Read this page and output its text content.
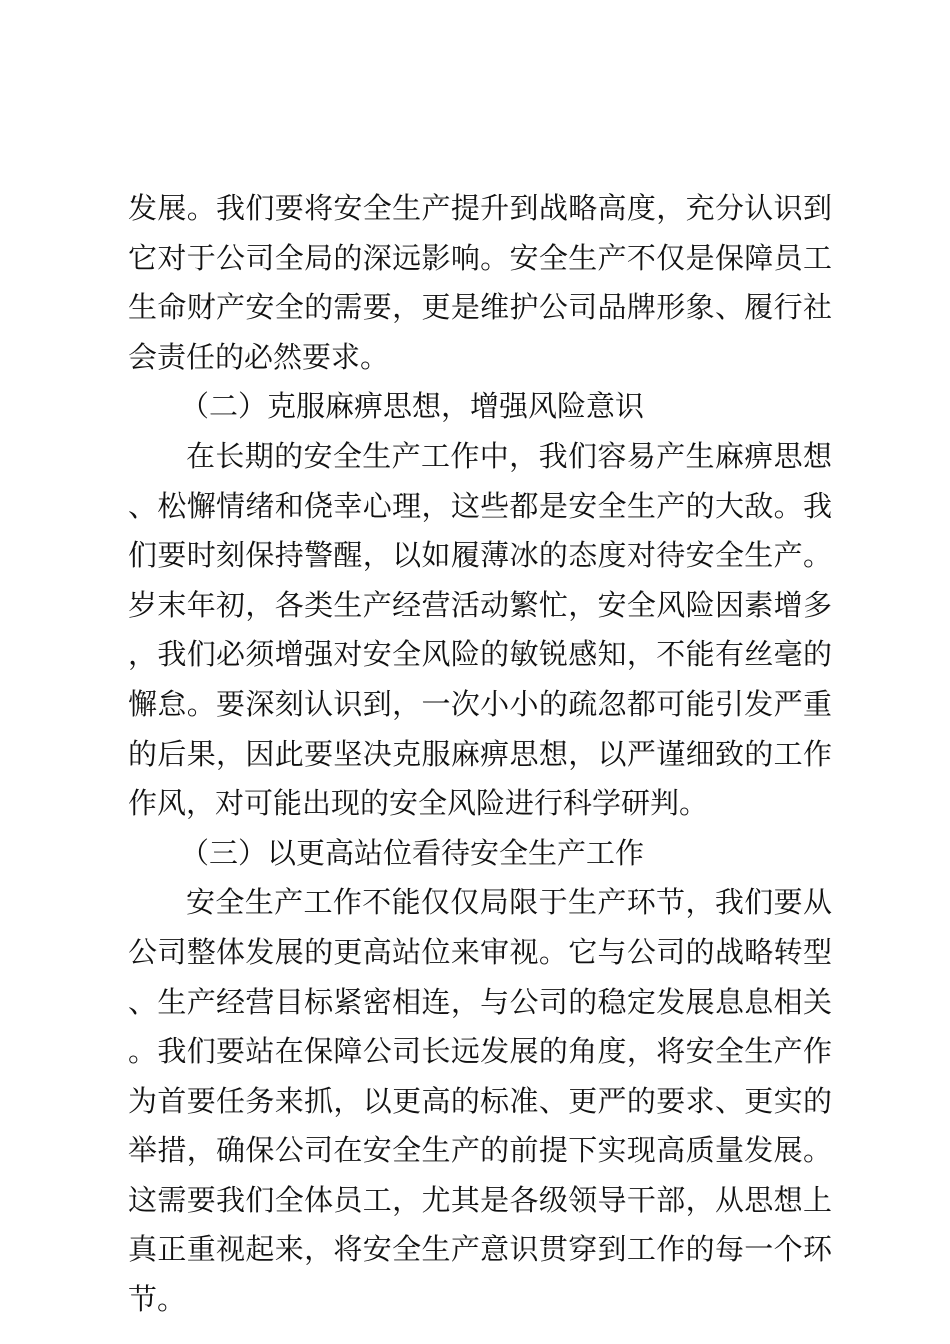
发展。我们要将安全生产提升到战略高度，充分认识到它对于公司全局的深远影响。安全生产不仅是保障员工生命财产安全的需要，更是维护公司品牌形象、履行社会责任的必然要求。

（二）克服麻痹思想，增强风险意识

在长期的安全生产工作中，我们容易产生麻痹思想、松懈情绪和侥幸心理，这些都是安全生产的大敌。我们要时刻保持警醒，以如履薄冰的态度对待安全生产。岁末年初，各类生产经营活动繁忙，安全风险因素增多，我们必须增强对安全风险的敏锐感知，不能有丝毫的懈怠。要深刻认识到，一次小小的疏忽都可能引发严重的后果，因此要坚决克服麻痹思想，以严谨细致的工作作风，对可能出现的安全风险进行科学研判。

（三）以更高站位看待安全生产工作

安全生产工作不能仅仅局限于生产环节，我们要从公司整体发展的更高站位来审视。它与公司的战略转型、生产经营目标紧密相连，与公司的稳定发展息息相关。我们要站在保障公司长远发展的角度，将安全生产作为首要任务来抓，以更高的标准、更严的要求、更实的举措，确保公司在安全生产的前提下实现高质量发展。这需要我们全体员工，尤其是各级领导干部，从思想上真正重视起来，将安全生产意识贯穿到工作的每一个环节。
